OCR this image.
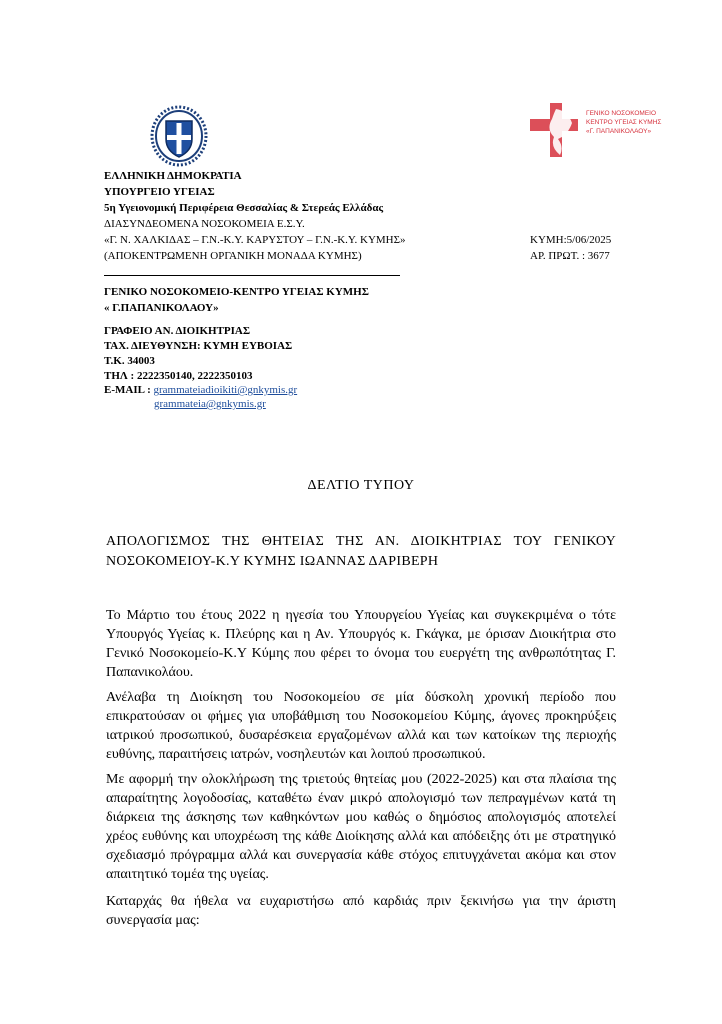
ΓΕΝΙΚΟ ΝΟΣΟΚΟΜΕΙΟ
ΚΕΝΤΡΟ ΥΓΕΙΑΣ ΚΥΜΗΣ
«Γ. ΠΑΠΑΝΙΚΟΛΑΟΥ»
ΕΛΛΗΝΙΚΗ ΔΗΜΟΚΡΑΤΙΑ
ΥΠΟΥΡΓΕΙΟ ΥΓΕΙΑΣ
5η Υγειονομική Περιφέρεια Θεσσαλίας & Στερεάς Ελλάδας
ΔΙΑΣΥΝΔΕΟΜΕΝΑ ΝΟΣΟΚΟΜΕΙΑ Ε.Σ.Υ.
«Γ. Ν. ΧΑΛΚΙΔΑΣ – Γ.Ν.-Κ.Υ. ΚΑΡΥΣΤΟΥ – Γ.Ν.-Κ.Υ. ΚΥΜΗΣ»
(ΑΠΟΚΕΝΤΡΩΜΕΝΗ ΟΡΓΑΝΙΚΗ ΜΟΝΑΔΑ ΚΥΜΗΣ)
ΚΥΜΗ:5/06/2025
ΑΡ. ΠΡΩΤ. : 3677
ΓΕΝΙΚΟ ΝΟΣΟΚΟΜΕΙΟ-ΚΕΝΤΡΟ ΥΓΕΙΑΣ ΚΥΜΗΣ
« Γ.ΠΑΠΑΝΙΚΟΛΑΟΥ»
ΓΡΑΦΕΙΟ ΑΝ. ΔΙΟΙΚΗΤΡΙΑΣ
ΤΑΧ. ΔΙΕΥΘΥΝΣΗ: ΚΥΜΗ ΕΥΒΟΙΑΣ
Τ.Κ. 34003
ΤΗΛ : 2222350140, 2222350103
E-MAIL : grammateiadioikiti@gnkymis.gr
grammateia@gnkymis.gr
ΔΕΛΤΙΟ ΤΥΠΟΥ

ΑΠΟΛΟΓΙΣΜΟΣ ΤΗΣ ΘΗΤΕΙΑΣ ΤΗΣ ΑΝ. ΔΙΟΙΚΗΤΡΙΑΣ ΤΟΥ ΓΕΝΙΚΟΥ ΝΟΣΟΚΟΜΕΙΟΥ-Κ.Υ ΚΥΜΗΣ ΙΩΑΝΝΑΣ ΔΑΡΙΒΕΡΗ

Το Μάρτιο του έτους 2022 η ηγεσία του Υπουργείου Υγείας και συγκεκριμένα ο τότε Υπουργός Υγείας κ. Πλεύρης και η Αν. Υπουργός κ. Γκάγκα, με όρισαν Διοικήτρια στο Γενικό Νοσοκομείο-Κ.Υ Κύμης που φέρει το όνομα του ευεργέτη της ανθρωπότητας Γ. Παπανικολάου.

Ανέλαβα τη Διοίκηση του Νοσοκομείου σε μία δύσκολη χρονική περίοδο που επικρατούσαν οι φήμες για υποβάθμιση του Νοσοκομείου Κύμης, άγονες προκηρύξεις ιατρικού προσωπικού, δυσαρέσκεια εργαζομένων αλλά και των κατοίκων της περιοχής ευθύνης, παραιτήσεις ιατρών, νοσηλευτών και λοιπού προσωπικού.

Με αφορμή την ολοκλήρωση της τριετούς θητείας μου (2022-2025) και στα πλαίσια της απαραίτητης λογοδοσίας, καταθέτω έναν μικρό απολογισμό των πεπραγμένων κατά τη διάρκεια της άσκησης των καθηκόντων μου καθώς ο δημόσιος απολογισμός αποτελεί χρέος ευθύνης και υποχρέωση της κάθε Διοίκησης αλλά και απόδειξης ότι με στρατηγικό σχεδιασμό πρόγραμμα αλλά και συνεργασία κάθε στόχος επιτυγχάνεται ακόμα και στον απαιτητικό τομέα της υγείας.

Καταρχάς θα ήθελα να ευχαριστήσω από καρδιάς πριν ξεκινήσω για την άριστη συνεργασία μας:
